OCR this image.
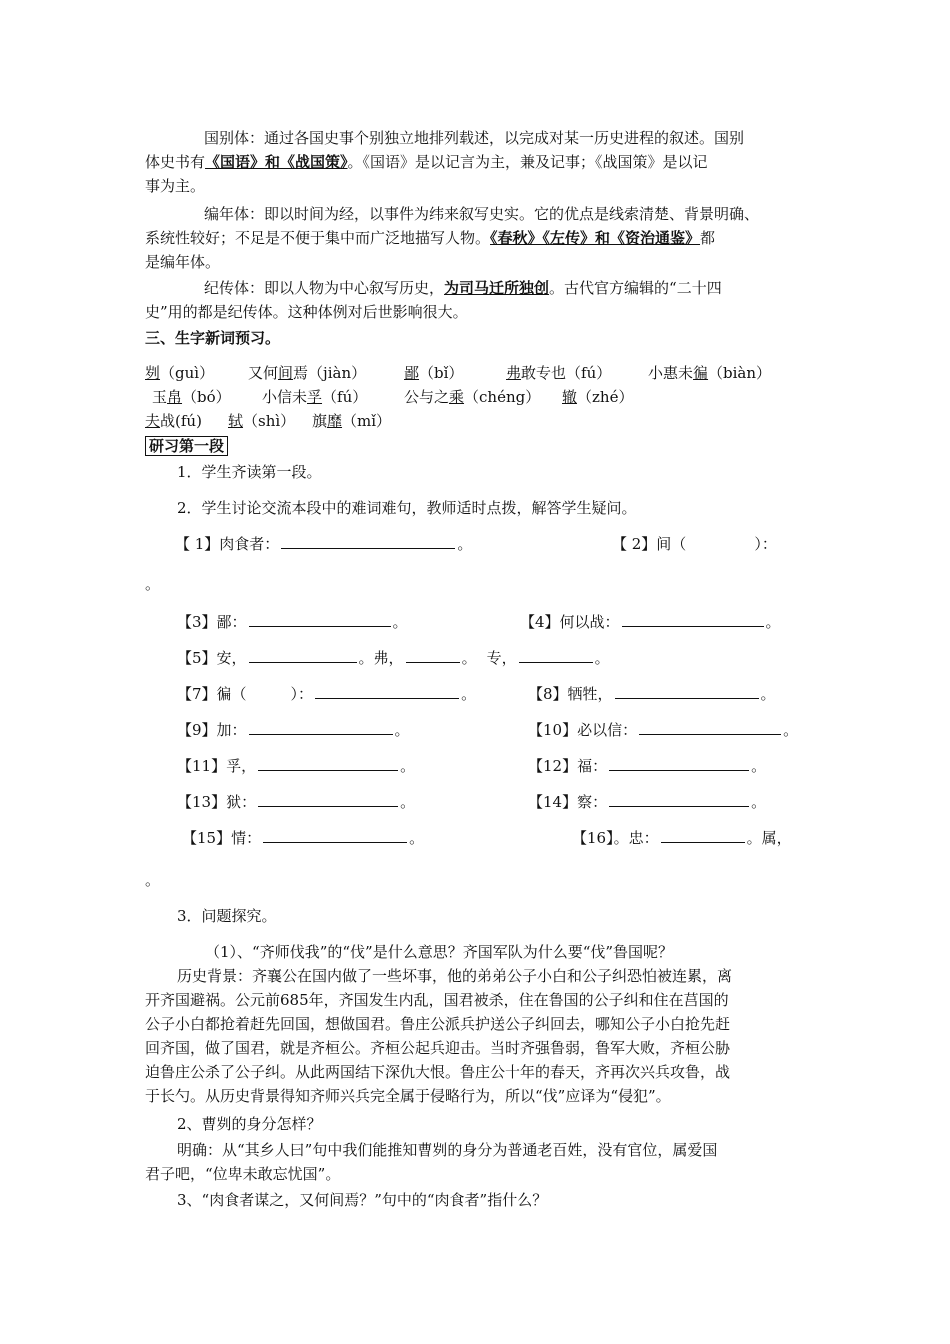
国别体：通过各国史事个别独立地排列载述，以完成对某一历史进程的叙述。国别
体史书有《国语》和《战国策》。《国语》是以记言为主，兼及记事；《战国策》是以记
事为主。
编年体：即以时间为经，以事件为纬来叙写史实。它的优点是线索清楚、背景明确、
系统性较好；不足是不便于集中而广泛地描写人物。《春秋》《左传》和《资治通鉴》都
是编年体。
纪传体：即以人物为中心叙写历史，为司马迁所独创。古代官方编辑的“二十四
史”用的都是纪传体。这种体例对后世影响很大。
三、生字新词预习。
刿（guì） 又何间焉（jiàn）	鄙（bǐ）	弗敢专也（fú） 小惠未徧（biàn）
玉帛（bó） 小信未孚（fú） 公与之乘（chéng） 辙（zhé）
夫战(fú) 轼（shì） 旗靡（mǐ）
研习第一段
1．学生齐读第一段。
2．学生讨论交流本段中的难词难句，教师适时点拨，解答学生疑问。
【 1】肉食者：	。	【 2】间（	）：
。
【3】鄙：	。	【4】何以战：	。
【5】安，	。弗，	。 专，	。
【7】徧（	）：	。	【8】牺牲，	。
【9】加：	。	【10】必以信：	。
【11】孚，	。	【12】福：	。
【13】狱：	。	【14】察：	。
【15】情：	。	【16】。忠：	。属，
。
3．问题探究。
（1）、“齐师伐我”的“伐”是什么意思？齐国军队为什么要“伐”鲁国呢？
历史背景：齐襄公在国内做了一些坏事，他的弟弟公子小白和公子纠恐怕被连累，离
开齐国避祸。公元前685年，齐国发生内乱，国君被杀，住在鲁国的公子纠和住在莒国的
公子小白都抢着赶先回国，想做国君。鲁庄公派兵护送公子纠回去，哪知公子小白抢先赶
回齐国，做了国君，就是齐桓公。齐桓公起兵迎击。当时齐强鲁弱，鲁军大败，齐桓公胁
迫鲁庄公杀了公子纠。从此两国结下深仇大恨。鲁庄公十年的春天，齐再次兴兵攻鲁，战
于长勺。从历史背景得知齐师兴兵完全属于侵略行为，所以“伐”应译为“侵犯”。
2、曹刿的身分怎样？
明确：从“其乡人曰”句中我们能推知曹刿的身分为普通老百姓，没有官位，属爱国
君子吧，“位卑未敢忘忧国”。
3、“肉食者谋之，又何间焉？”句中的“肉食者”指什么？
